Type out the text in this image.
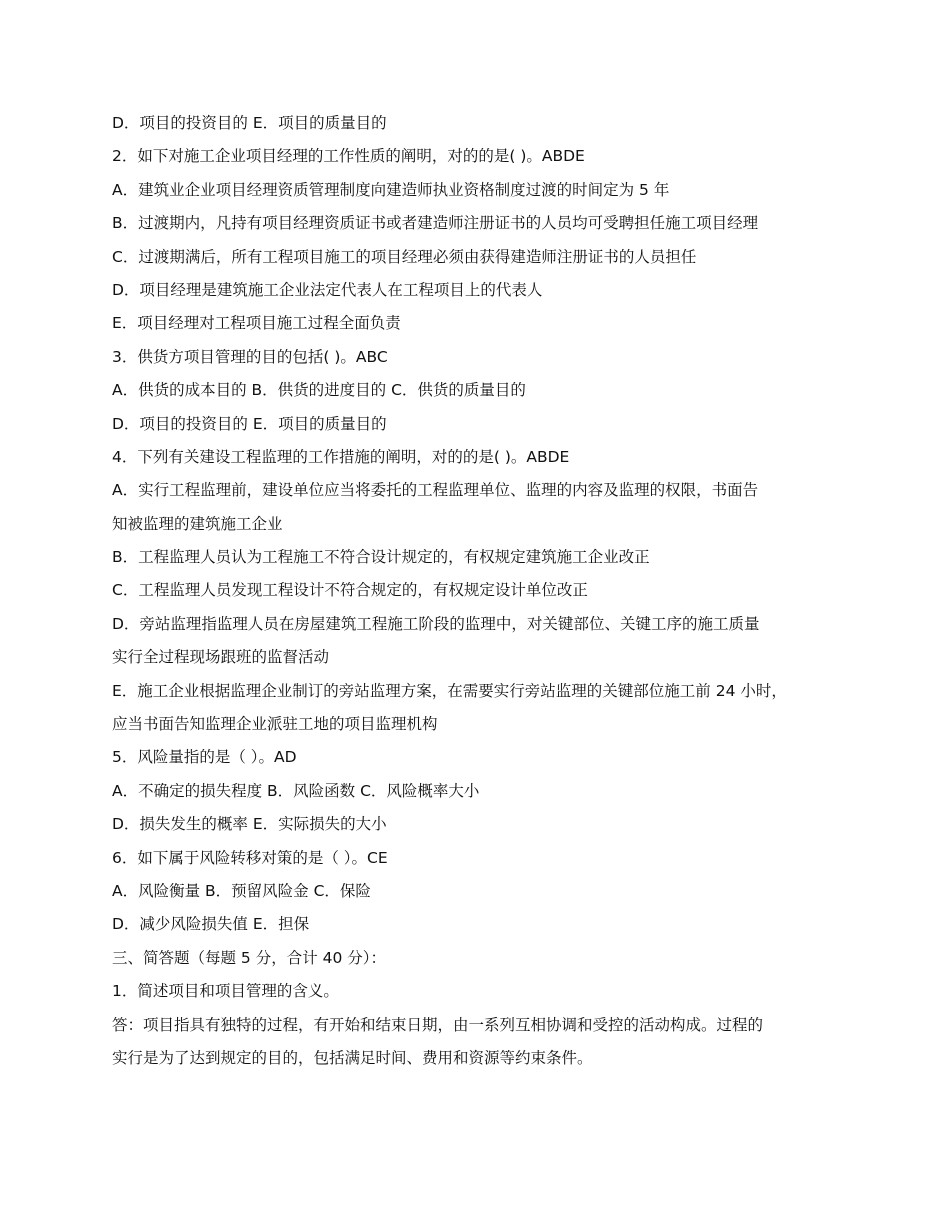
D．项目的投资目的 E．项目的质量目的
2．如下对施工企业项目经理的工作性质的阐明，对的的是( )。ABDE
A．建筑业企业项目经理资质管理制度向建造师执业资格制度过渡的时间定为 5 年
B．过渡期内，凡持有项目经理资质证书或者建造师注册证书的人员均可受聘担任施工项目经理
C．过渡期满后，所有工程项目施工的项目经理必须由获得建造师注册证书的人员担任
D．项目经理是建筑施工企业法定代表人在工程项目上的代表人
E．项目经理对工程项目施工过程全面负责
3．供货方项目管理的目的包括( )。ABC
A．供货的成本目的 B．供货的进度目的 C．供货的质量目的
D．项目的投资目的 E．项目的质量目的
4．下列有关建设工程监理的工作措施的阐明，对的的是( )。ABDE
A．实行工程监理前，建设单位应当将委托的工程监理单位、监理的内容及监理的权限，书面告
知被监理的建筑施工企业
B．工程监理人员认为工程施工不符合设计规定的，有权规定建筑施工企业改正
C．工程监理人员发现工程设计不符合规定的，有权规定设计单位改正
D．旁站监理指监理人员在房屋建筑工程施工阶段的监理中，对关键部位、关键工序的施工质量
实行全过程现场跟班的监督活动
E．施工企业根据监理企业制订的旁站监理方案，在需要实行旁站监理的关键部位施工前 24 小时，
应当书面告知监理企业派驻工地的项目监理机构
5．风险量指的是（ ）。AD
A．不确定的损失程度 B．风险函数 C．风险概率大小
D．损失发生的概率 E．实际损失的大小
6．如下属于风险转移对策的是（ ）。CE
A．风险衡量 B．预留风险金 C．保险
D．减少风险损失值 E．担保
三、简答题（每题 5 分，合计 40 分）：
1．简述项目和项目管理的含义。
答：项目指具有独特的过程，有开始和结束日期，由一系列互相协调和受控的活动构成。过程的
实行是为了达到规定的目的，包括满足时间、费用和资源等约束条件。
